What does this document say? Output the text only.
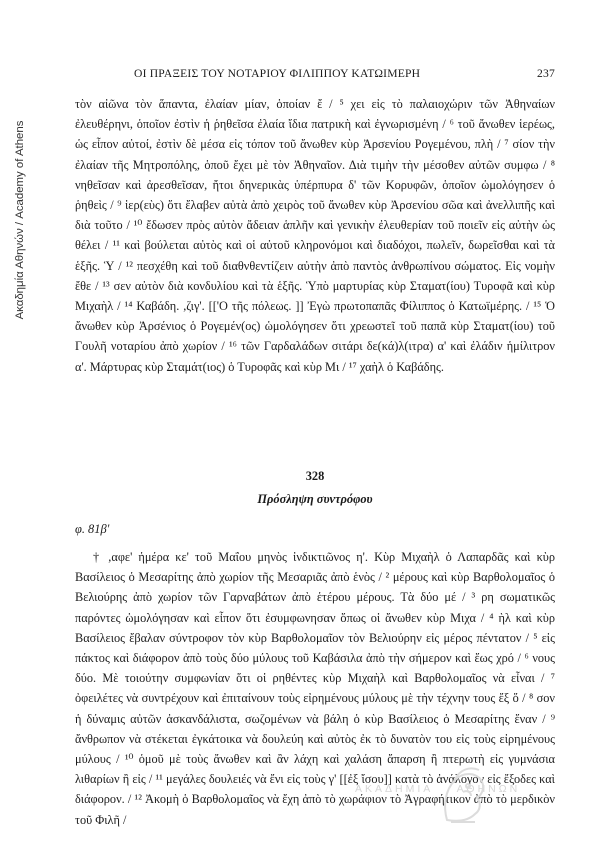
Ακαδημία Αθηνών / Academy of Athens
ΟΙ ΠΡΑΞΕΙΣ ΤΟΥ ΝΟΤΑΡΙΟΥ ΦΙΛΙΠΠΟΥ ΚΑΤΩΙΜΕΡΗ	237

τὸν αἰῶνα τὸν ἅπαντα, ἐλαίαν μίαν, ὁποίαν ἔ / ⁵ χει εἰς τὸ παλαιοχώριν τῶν Ἀθηναίων ἐλευθέρηνι, ὁποῖον ἐστὶν ἡ ῥηθεῖσα ἐλαία ἴδια πατρικὴ καὶ ἐγνωρισμένη / ⁶ τοῦ ἄνωθεν ἱερέως, ὡς εἶπον αὐτοί, ἐστὶν δὲ μέσα εἰς τόπον τοῦ ἄνωθεν κὺρ Ἀρσενίου Ρογεμένου, πλὴ / ⁷ σίον τὴν ἐλαίαν τῆς Μητροπόλης, ὁποῦ ἔχει μὲ τὸν Ἀθηναῖον. Διὰ τιμὴν τὴν μέσοθεν αὐτῶν συμφω / ⁸ νηθεῖσαν καὶ ἀρεσθεῖσαν, ἤτοι δηνερικὰς ὑπέρπυρα δ' τῶν Κορυφῶν, ὁποῖον ὡμολόγησεν ὁ ῥηθεὶς / ⁹ ἱερ(εὺς) ὅτι ἔλαβεν αὐτὰ ἀπὸ χειρὸς τοῦ ἄνωθεν κὺρ Ἀρσενίου σῶα καὶ ἀνελλιπῆς καὶ διὰ τοῦτο / ¹⁰ ἔδωσεν πρὸς αὐτὸν ἄδειαν ἁπλῆν καὶ γενικὴν ἐλευθερίαν τοῦ ποιεῖν εἰς αὐτὴν ὡς θέλει / ¹¹ καὶ βούλεται αὐτὸς καὶ οἱ αὐτοῦ κληρονόμοι καὶ διαδόχοι, πωλεῖν, δωρεῖσθαι καὶ τὰ ἑξῆς. Ὑ / ¹² πεσχέθη καὶ τοῦ διαθνθεντίζειν αὐτὴν ἀπὸ παντὸς ἀνθρωπίνου σώματος. Εἰς νομὴν ἔθε / ¹³ σεν αὐτὸν διὰ κονδυλίου καὶ τὰ ἑξῆς. Ὑπὸ μαρτυρίας κὺρ Σταματ(ίου) Τυροφᾶ καὶ κὺρ Μιχαὴλ / ¹⁴ Καβάδη. ,ζιγ'. [['Ο τῆς πόλεως. ]] Ἐγὼ πρωτοπαπᾶς Φίλιππος ὁ Κατωϊμέρης. / ¹⁵ Ὁ ἄνωθεν κὺρ Ἀρσένιος ὁ Ρογεμέν(ος) ὡμολόγησεν ὅτι χρεωστεῖ τοῦ παπᾶ κὺρ Σταματ(ίου) τοῦ Γουλῆ νοταρίου ἀπὸ χωρίον / ¹⁶ τῶν Γαρδαλάδων σιτάρι δε(κά)λ(ιτρα) α' καὶ ἐλάδιν ἡμίλιτρον α'. Μάρτυρας κὺρ Σταμάτ(ιος) ὁ Τυροφᾶς καὶ κὺρ Μι / ¹⁷ χαὴλ ὁ Καβάδης.

328
Πρόσληψη συντρόφου
φ. 81β'

† ,αφε' ἡμέρα κε' τοῦ Μαΐου μηνὸς ἰνδικτιῶνος η'. Κὺρ Μιχαὴλ ὁ Λαπαρδᾶς καὶ κὺρ Βασίλειος ὁ Μεσαρίτης ἀπὸ χωρίον τῆς Μεσαριᾶς ἀπὸ ἑνὸς / ² μέρους καὶ κὺρ Βαρθολομαῖος ὁ Βελιούρης ἀπὸ χωρίον τῶν Γαρναβάτων ἀπὸ ἑτέρου μέρους. Τὰ δύο μέ / ³ ρη σωματικῶς παρόντες ὡμολόγησαν καὶ εἶπον ὅτι ἐσυμφωνησαν ὅπως οἱ ἄνωθεν κὺρ Μιχα / ⁴ ὴλ καὶ κὺρ Βασίλειος ἔβαλαν σύντροφον τὸν κὺρ Βαρθολομαῖον τὸν Βελιούρην εἰς μέρος πέντατον / ⁵ εἰς πάκτος καὶ διάφορον ἀπὸ τοὺς δύο μύλους τοῦ Καβάσιλα ἀπὸ τὴν σήμερον καὶ ἕως χρό / ⁶ νους δύο. Μὲ τοιούτην συμφωνίαν ὅτι οἱ ρηθέντες κὺρ Μιχαὴλ καὶ Βαρθολομαῖος νὰ εἶναι / ⁷ ὀφειλέτες νὰ συντρέχουν καὶ ἐπιταίνουν τοὺς εἰρημένους μύλους μὲ τὴν τέχνην τους ἔξ ὅ / ⁸ σον ἡ δύναμις αὐτῶν ἀσκανδάλιστα, σωζομένων νὰ βάλη ὁ κὺρ Βασίλειος ὁ Μεσαρίτης ἕναν / ⁹ ἄνθρωπον νὰ στέκεται ἐγκάτοικα νὰ δουλεύη καὶ αὐτὸς ἐκ τὸ δυνατὸν του εἰς τοὺς εἰρημένους μύλους / ¹⁰ ὁμοῦ μὲ τοὺς ἄνωθεν καὶ ἂν λάχη καὶ χαλάση ἄπαρση ἢ πτερωτὴ εἰς γυμνάσια λιθαρίων ἢ εἰς / ¹¹ μεγάλες δουλειές νὰ ἔνι εἰς τοὺς γ' [[ἐξ ἴσου]] κατὰ τὸ ἀνάλογον εἰς ἔξοδες καὶ διάφορον. / ¹² Ἀκομὴ ὁ Βαρθολομαῖος νὰ ἔχη ἀπὸ τὸ χωράφιον τὸ Ἀγραφήτικον ἀπὸ τὸ μερδικὸν τοῦ Φιλῆ /

ΑΚΑΔΗΜΙΑ ΑΘΗΝΩΝ
